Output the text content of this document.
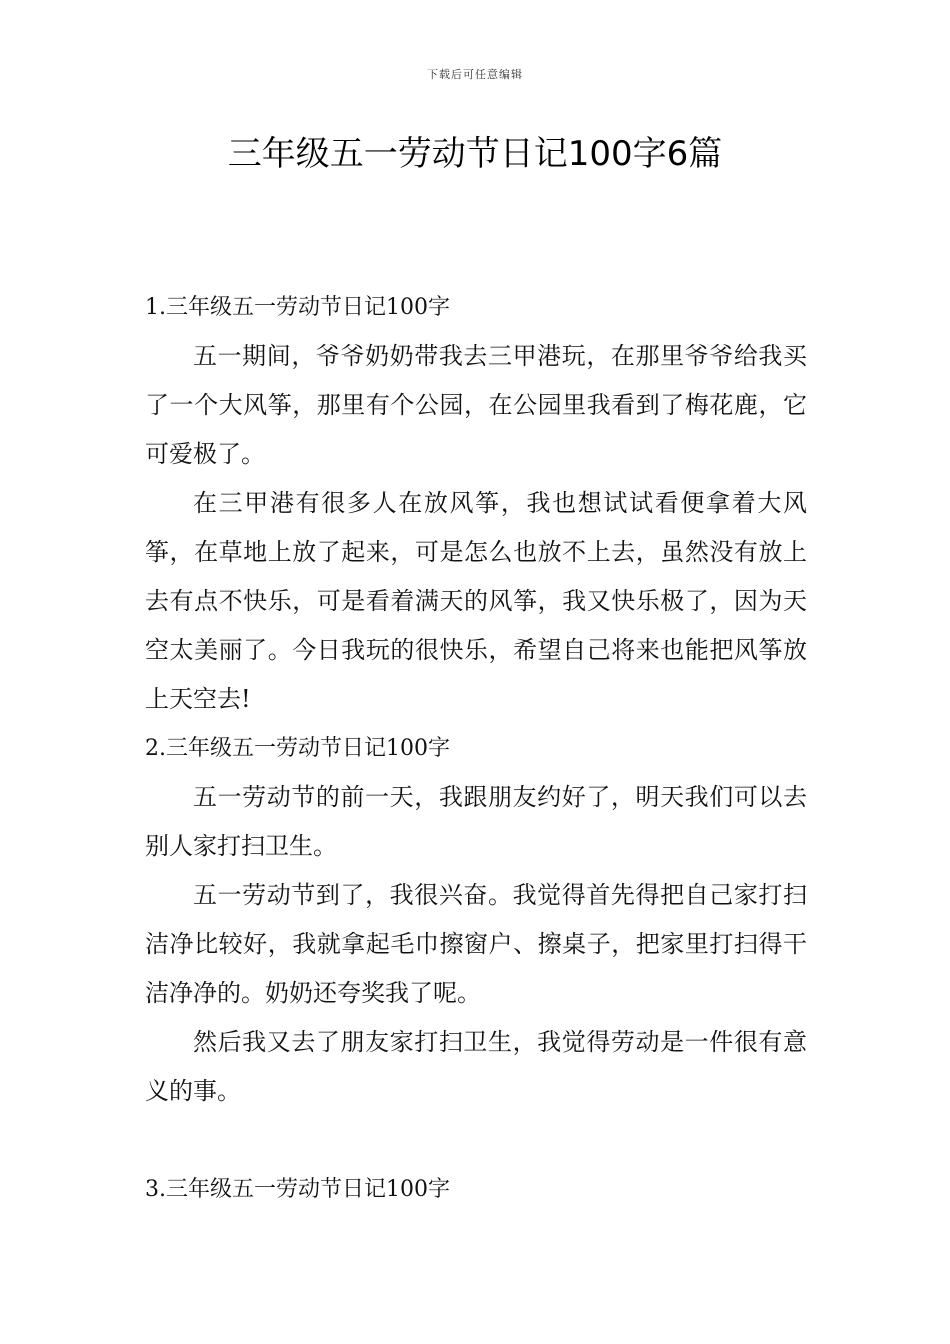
下载后可任意编辑
三年级五一劳动节日记100字6篇
1.三年级五一劳动节日记100字

五一期间，爷爷奶奶带我去三甲港玩，在那里爷爷给我买了一个大风筝，那里有个公园，在公园里我看到了梅花鹿，它可爱极了。

在三甲港有很多人在放风筝，我也想试试看便拿着大风筝，在草地上放了起来，可是怎么也放不上去，虽然没有放上去有点不快乐，可是看着满天的风筝，我又快乐极了，因为天空太美丽了。今日我玩的很快乐，希望自己将来也能把风筝放上天空去!

2.三年级五一劳动节日记100字

五一劳动节的前一天，我跟朋友约好了，明天我们可以去别人家打扫卫生。

五一劳动节到了，我很兴奋。我觉得首先得把自己家打扫洁净比较好，我就拿起毛巾擦窗户、擦桌子，把家里打扫得干洁净净的。奶奶还夸奖我了呢。

然后我又去了朋友家打扫卫生，我觉得劳动是一件很有意义的事。

3.三年级五一劳动节日记100字
